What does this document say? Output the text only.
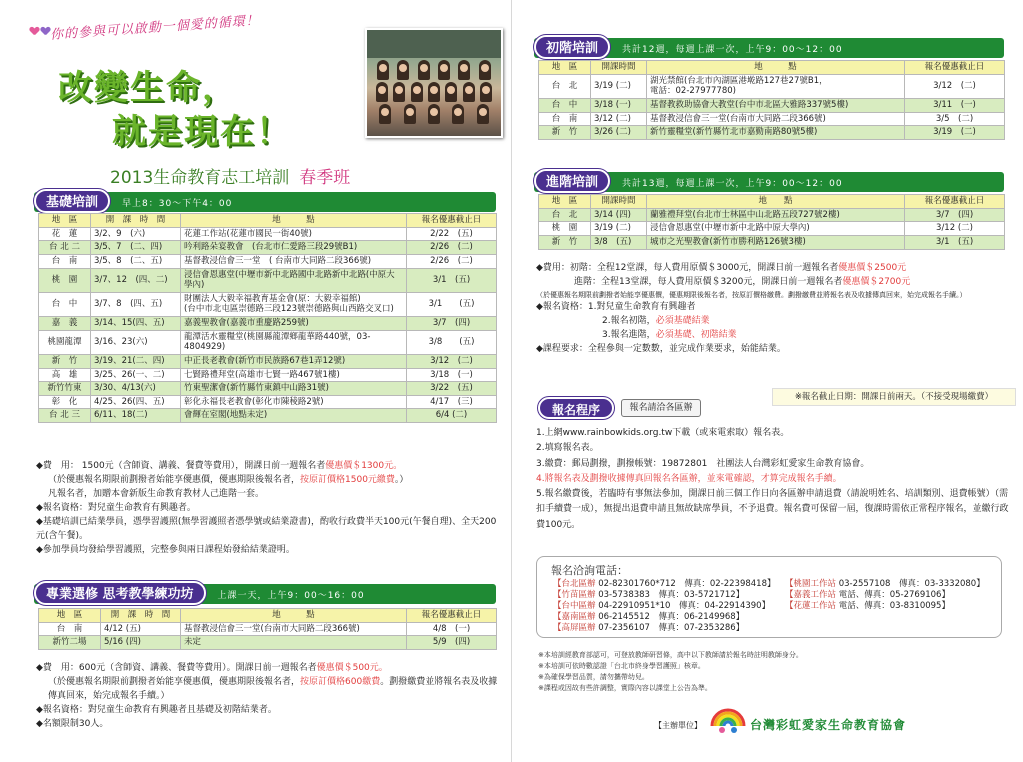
你的參與可以啟動一個愛的循環！
改變生命，
就是現在！
2013生命教育志工培訓 春季班
基礎培訓	早上8：30～下午4：00
地　區	開　課　時　間	地　　　點	報名優惠截止日
花　蓮	3/2、9　(六)	花蓮工作站(花蓮市國民一街40號)	2/22　(五)
台 北 二	3/5、7　(二、四)	吟利路朵宴教會　(台北市仁愛路三段29號B1)	2/26　(二)
台　南	3/5、8　(二、五)	基督教浸信會三一堂　( 台南市大同路二段366號)	2/26　(二)
桃　園	3/7、12　(四、二)	浸信會恩惠堂(中壢市新中北路國中北路新中北路(中原大學內)	3/1　(五)
台　中	3/7、8　(四、五)	財團法人大毅幸福教育基金會(原：大毅幸福館)
(台中市北屯區崇德路三段123號崇德路與山西路交叉口)	3/1　　(五)
嘉　義	3/14、15(四、五)	嘉義聖教會(嘉義市重慶路259號)	3/7　(四)
桃園龍潭	3/16、23(六)	龍潭活水靈糧堂(桃園縣龍潭鄉龍華路440號，03-4804929)	3/8　　(五)
新　竹	3/19、21(二、四)	中正長老教會(新竹市民族路67巷1弄12號)	3/12　(二)
高　雄	3/25、26(一、二)	七賢路禮拜堂(高雄市七賢一路467號1樓)	3/18　(一)
新竹竹東	3/30、4/13(六)	竹東聖潔會(新竹縣竹東鎮中山路31號)	3/22　(五)
彰　化	4/25、26(四、五)	彰化永福長老教會(彰化市陳稜路2號)	4/17　(三)
台 北 三	6/11、18(二)	會輝在室閣(地點未定)	6/4 (二)

◆費　用： 1500元（含師資、講義、餐費等費用），開課日前一週報名者優惠價＄1300元。

（於優惠報名期限前劃撥者始能享優惠價，優惠期限後報名者，按原訂價格1500元繳費。）

凡報名者，加贈本會新版生命教育教材人己進階一套。

◆報名資格：對兒童生命教育有興趣者。

◆基礎培訓已結業學員，憑學習護照(無學習護照者憑學號或結業證書)，酌收行政費半天100元(午餐自理)、全天200元(含午餐)。

◆參加學員均發給學習護照，完整參與兩日課程始發給結業證明。

專業選修 思考教學練功坊	上課一天，上午9：00～16：00
地　區	開　課　時　間	地　　　點	報名優惠截止日
台　南	4/12 (五)	基督教浸信會三一堂(台南市大同路二段366號)	4/8　(一)
新竹二場	5/16 (四)	未定	5/9　(四)

◆費　用：600元（含師資、講義、餐費等費用）。開課日前一週報名者優惠價＄500元。

（於優惠報名期限前劃撥者始能享優惠價，優惠期限後報名者，按原訂價格600繳費。劃撥繳費並將報名表及收據傳真回來，始完成報名手續。）

◆報名資格：對兒童生命教育有興趣者且基礎及初階結業者。

◆名額限制30人。

初階培訓	共計12週，每週上課一次，上午9：00～12：00
地　區	開課時間	地　　　點	報名優惠截止日
台　北	3/19 (二)	湖光禁館(台北市內湖區港墘路127巷27號B1，
電話：02-27977780)	3/12　(二)
台　中	3/18 (一)	基督教救助協會大教堂(台中市北區大雅路337號5樓)	3/11　(一)
台　南	3/12 (二)	基督教浸信會三一堂(台南市大同路二段366號)	3/5　(二)
新　竹	3/26 (二)	新竹靈糧堂(新竹縣竹北市嘉勤南路80號5樓)	3/19　(二)
進階培訓	共計13週，每週上課一次，上午9：00～12：00
地　區	開課時間	地　　點	報名優惠截止日
台　北	3/14 (四)	蘭雅禮拜堂(台北市士林區中山北路五段727號2樓)	3/7　(四)
桃　園	3/19 (二)	浸信會恩惠堂(中壢市新中北路中原大學內)	3/12 (二)
新　竹	3/8　(五)	城市之光聖教會(新竹市勝利路126號3樓)	3/1　(五)

◆費用：初階：全程12堂課，每人費用原價＄3000元，開課日前一週報名者優惠價＄2500元

進階：全程13堂課，每人費用原價＄3200元，開課日前一週報名者優惠價＄2700元

（於優惠報名期限前劃撥者始能享優惠價，優惠期限後報名者，按原訂價格繳費。劃撥繳費並將報名表及收據傳真回來，始完成報名手續。）

◆報名資格：1.對兒童生命教育有興趣者

2.報名初階，必須基礎結業

3.報名進階，必須基礎、初階結業

◆課程要求：全程參與一定數數，並完成作業要求，始能結業。

※報名截止日期：開課日前兩天。（不接受現場繳費）
報名程序	報名請洽各區辦

1.上網www.rainbowkids.org.tw下載（或來電索取）報名表。

2.填寫報名表。

3.繳費：郵局劃撥，劃撥帳號：19872801　社團法人台灣彩虹愛家生命教育協會。

4.將報名表及劃撥收據傳真回報名各區辦，並來電確認，才算完成報名手續。

5.報名繳費後，若臨時有事無法參加，開課日前三個工作日向各區辦申請退費（請說明姓名、培訓類別、退費帳號）（需扣手續費一成），無提出退費申請且無故缺席學員，不予退費。報名費可保留一屆，復課時需依正常程序報名，並繳行政費100元。

報名洽詢電話：
【台北區辦 02-82301760*712　傳真：02-22398418】
【竹苗區辦 03-5738383　傳真：03-5721712】
【台中區辦 04-22910951*10　傳真：04-22914390】
【嘉南區辦 06-2145512　傳真：06-2149968】
【高屏區辦 07-2356107　傳真：07-2353286】
【桃園工作站 03-2557108　傳真：03-3332080】
【嘉義工作站 電話、傳真：05-2769106】
【花蓮工作站 電話、傳真：03-8310095】
※本培訓經教育部認可，可登放教師研習條，高中以下教師請於報名時註明教師身分。
※本培訓可依時數認證「台北市終身學習護照」核章。
※為確保學習品質，請勿攜帶幼兒。
※課程或因故有些許調整，實際內容以課堂上公告為準。
【主辦單位】	台灣彩虹愛家生命教育協會
